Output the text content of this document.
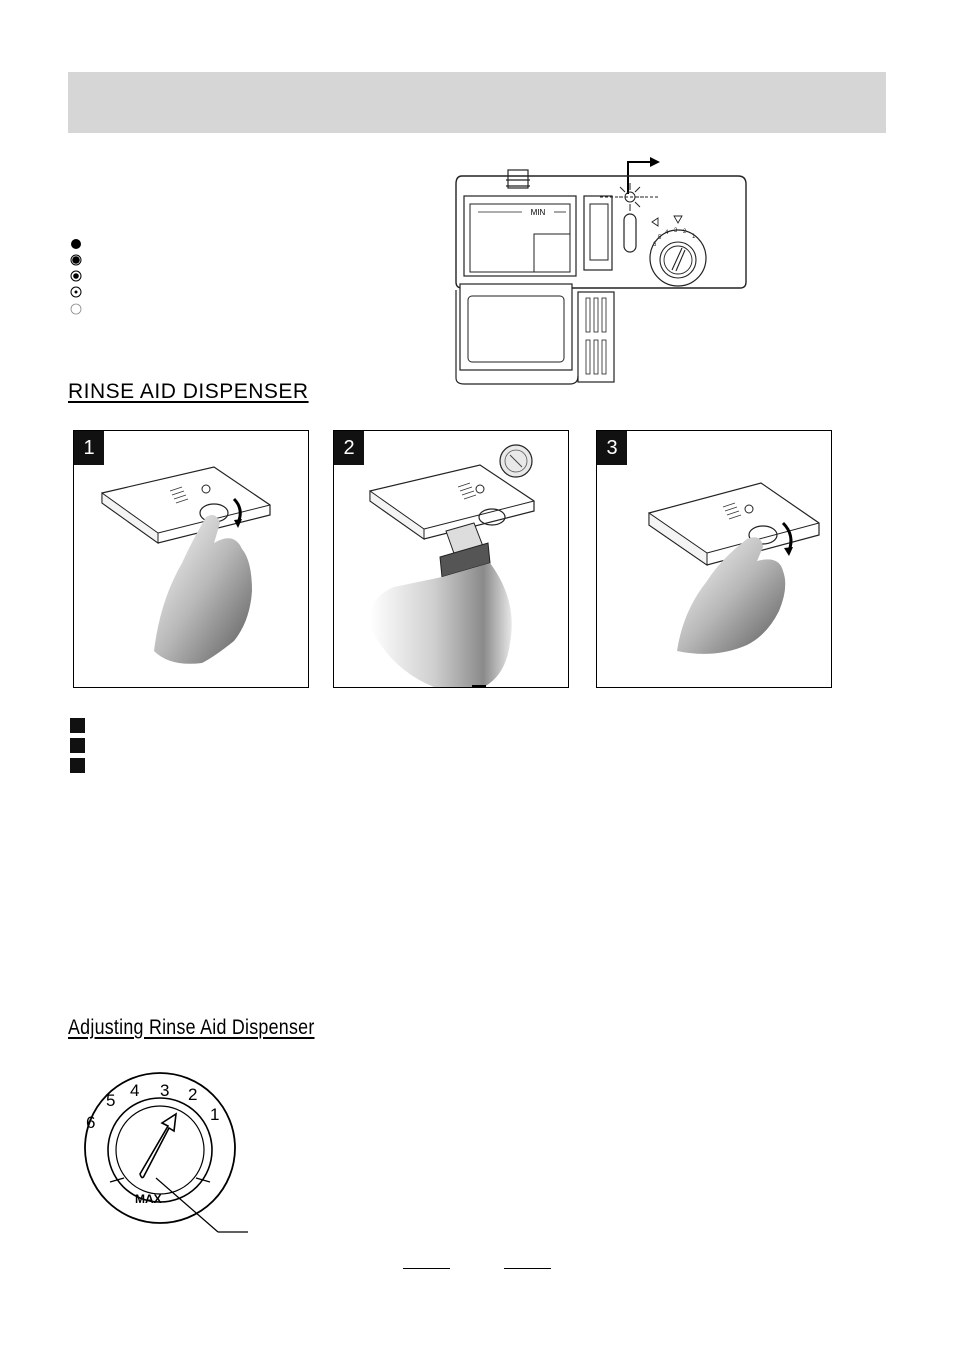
MIN
6
5
4 3 2
1
RINSE AID DISPENSER
1	2	3
Adjusting Rinse Aid Dispenser
6
5
4 3 2
1
MAX
